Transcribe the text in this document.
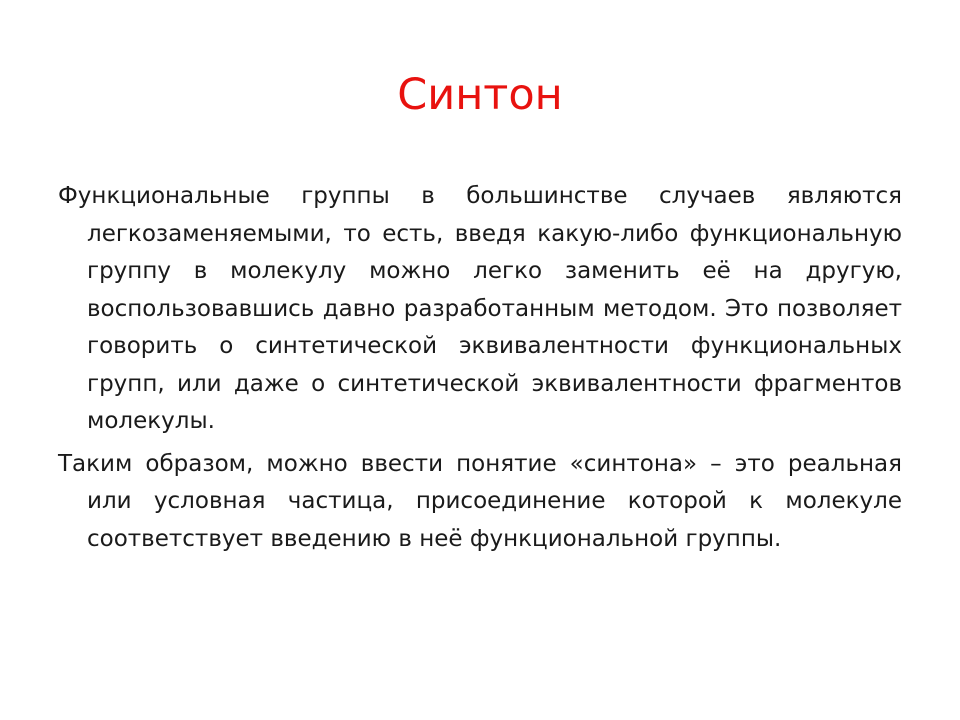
Синтон

Функциональные группы в большинстве случаев являются легкозаменяемыми, то есть, введя какую-либо функциональную группу в молекулу можно легко заменить её на другую, воспользовавшись давно разработанным методом. Это позволяет говорить о синтетической эквивалентности функциональных групп, или даже о синтетической эквивалентности фрагментов молекулы.

Таким образом, можно ввести понятие «синтона» – это реальная или условная частица, присоединение которой к молекуле соответствует введению в неё функциональной группы.
